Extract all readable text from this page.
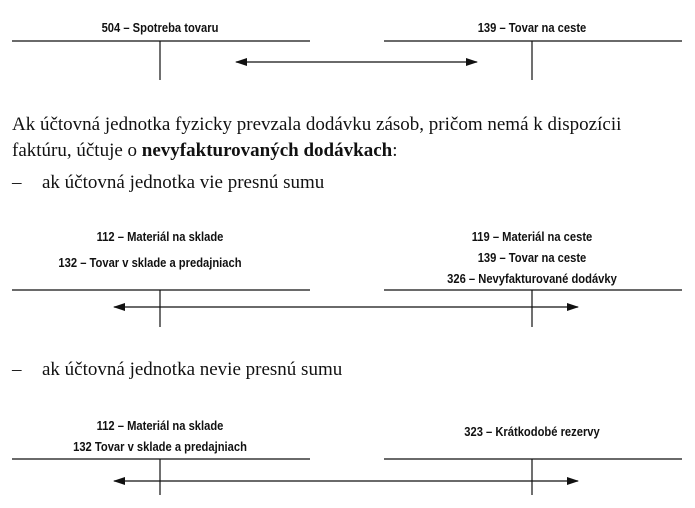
504 – Spotreba tovaru	139 – Tovar na ceste
Ak účtovná jednotka fyzicky prevzala dodávku zásob, pričom nemá k dispozícii
faktúru, účtuje o nevyfakturovaných dodávkach:
– ak účtovná jednotka vie presnú sumu
112 – Materiál na sklade
132 – Tovar v sklade a predajniach
119 – Materiál na ceste
139 – Tovar na ceste
326 – Nevyfakturované dodávky
– ak účtovná jednotka nevie presnú sumu
112 – Materiál na sklade
132 Tovar v sklade a predajniach
323 – Krátkodobé rezervy
